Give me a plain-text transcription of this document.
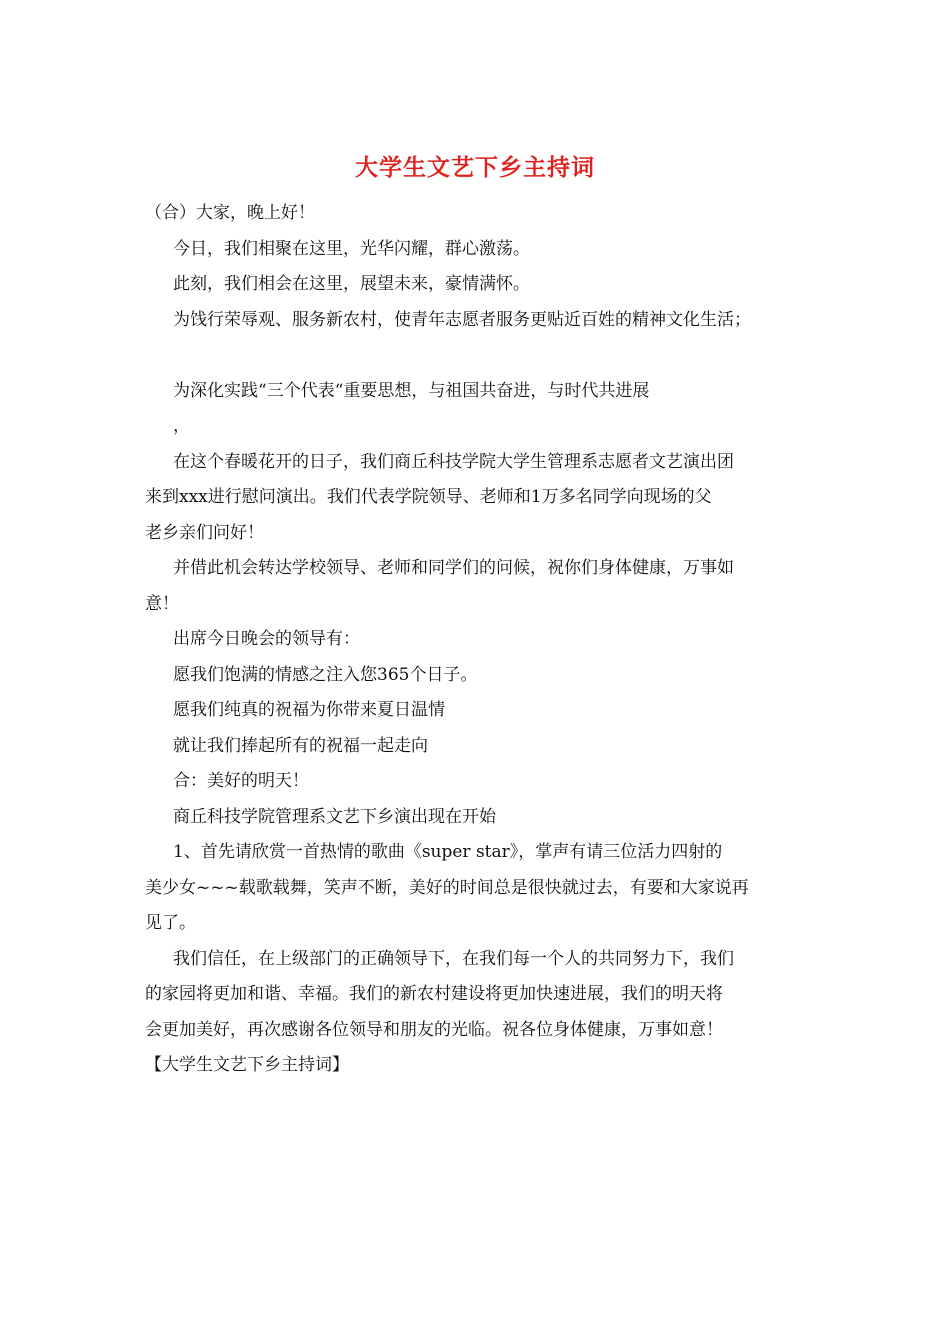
大学生文艺下乡主持词

（合）大家，晚上好！

今日，我们相聚在这里，光华闪耀，群心激荡。

此刻，我们相会在这里，展望未来，豪情满怀。

为饯行荣辱观、服务新农村，使青年志愿者服务更贴近百姓的精神文化生活；

为深化实践“三个代表“重要思想，与祖国共奋进，与时代共进展

，

在这个春暖花开的日子，我们商丘科技学院大学生管理系志愿者文艺演出团

来到xxx进行慰问演出。我们代表学院领导、老师和1万多名同学向现场的父

老乡亲们问好！

并借此机会转达学校领导、老师和同学们的问候，祝你们身体健康，万事如

意！

出席今日晚会的领导有：

愿我们饱满的情感之注入您365个日子。

愿我们纯真的祝福为你带来夏日温情

就让我们捧起所有的祝福一起走向

合：美好的明天！

商丘科技学院管理系文艺下乡演出现在开始

1、首先请欣赏一首热情的歌曲《super star》，掌声有请三位活力四射的

美少女~~~载歌载舞，笑声不断，美好的时间总是很快就过去，有要和大家说再

见了。

我们信任，在上级部门的正确领导下，在我们每一个人的共同努力下，我们

的家园将更加和谐、幸福。我们的新农村建设将更加快速进展，我们的明天将

会更加美好，再次感谢各位领导和朋友的光临。祝各位身体健康，万事如意！

【大学生文艺下乡主持词】
